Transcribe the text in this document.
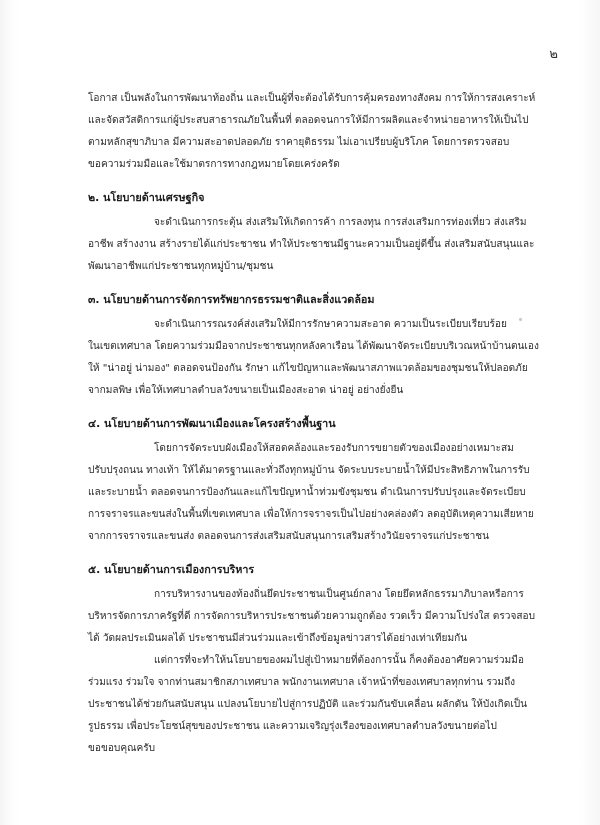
๒

โอกาส เป็นพลังในการพัฒนาท้องถิ่น และเป็นผู้ที่จะต้องได้รับการคุ้มครองทางสังคม การให้การสงเคราะห์
และจัดสวัสดิการแก่ผู้ประสบสาธารณภัยในพื้นที่ ตลอดจนการให้มีการผลิตและจำหน่ายอาหารให้เป็นไป
ตามหลักสุขาภิบาล มีความสะอาดปลอดภัย ราคายุติธรรม ไม่เอาเปรียบผู้บริโภค โดยการตรวจสอบ
ขอความร่วมมือและใช้มาตรการทางกฎหมายโดยเคร่งครัด

๒. นโยบายด้านเศรษฐกิจ

จะดำเนินการกระตุ้น ส่งเสริมให้เกิดการค้า การลงทุน การส่งเสริมการท่องเที่ยว ส่งเสริม
อาชีพ สร้างงาน สร้างรายได้แก่ประชาชน ทำให้ประชาชนมีฐานะความเป็นอยู่ดีขึ้น ส่งเสริมสนับสนุนและ
พัฒนาอาชีพแก่ประชาชนทุกหมู่บ้าน/ชุมชน

๓. นโยบายด้านการจัดการทรัพยากรธรรมชาติและสิ่งแวดล้อม

จะดำเนินการรณรงค์ส่งเสริมให้มีการรักษาความสะอาด ความเป็นระเบียบเรียบร้อย
ในเขตเทศบาล โดยความร่วมมือจากประชาชนทุกหลังคาเรือน ได้พัฒนาจัดระเบียบบริเวณหน้าบ้านตนเอง
ให้ "น่าอยู่ น่ามอง" ตลอดจนป้องกัน รักษา แก้ไขปัญหาและพัฒนาสภาพแวดล้อมของชุมชนให้ปลอดภัย
จากมลพิษ เพื่อให้เทศบาลตำบลวังขนายเป็นเมืองสะอาด น่าอยู่ อย่างยั่งยืน

๔. นโยบายด้านการพัฒนาเมืองและโครงสร้างพื้นฐาน

โดยการจัดระบบผังเมืองให้สอดคล้องและรองรับการขยายตัวของเมืองอย่างเหมาะสม
ปรับปรุงถนน ทางเท้า ให้ได้มาตรฐานและทั่วถึงทุกหมู่บ้าน จัดระบบระบายน้ำให้มีประสิทธิภาพในการรับ
และระบายน้ำ ตลอดจนการป้องกันและแก้ไขปัญหาน้ำท่วมขังชุมชน ดำเนินการปรับปรุงและจัดระเบียบ
การจราจรและขนส่งในพื้นที่เขตเทศบาล เพื่อให้การจราจรเป็นไปอย่างคล่องตัว ลดอุบัติเหตุความเสียหาย
จากการจราจรและขนส่ง ตลอดจนการส่งเสริมสนับสนุนการเสริมสร้างวินัยจราจรแก่ประชาชน

๕. นโยบายด้านการเมืองการบริหาร

การบริหารงานของท้องถิ่นยึดประชาชนเป็นศูนย์กลาง โดยยึดหลักธรรมาภิบาลหรือการ
บริหารจัดการภาครัฐที่ดี การจัดการบริหารประชาชนด้วยความถูกต้อง รวดเร็ว มีความโปร่งใส ตรวจสอบ
ได้ วัดผลประเมินผลได้ ประชาชนมีส่วนร่วมและเข้าถึงข้อมูลข่าวสารได้อย่างเท่าเทียมกัน

แต่การที่จะทำให้นโยบายของผมไปสู่เป้าหมายที่ต้องการนั้น ก็คงต้องอาศัยความร่วมมือ
ร่วมแรง ร่วมใจ จากท่านสมาชิกสภาเทศบาล พนักงานเทศบาล เจ้าหน้าที่ของเทศบาลทุกท่าน รวมถึง
ประชาชนได้ช่วยกันสนับสนุน แปลงนโยบายไปสู่การปฏิบัติ และร่วมกันขับเคลื่อน ผลักดัน ให้บังเกิดเป็น
รูปธรรม เพื่อประโยชน์สุขของประชาชน และความเจริญรุ่งเรืองของเทศบาลตำบลวังขนายต่อไป
ขอขอบคุณครับ
